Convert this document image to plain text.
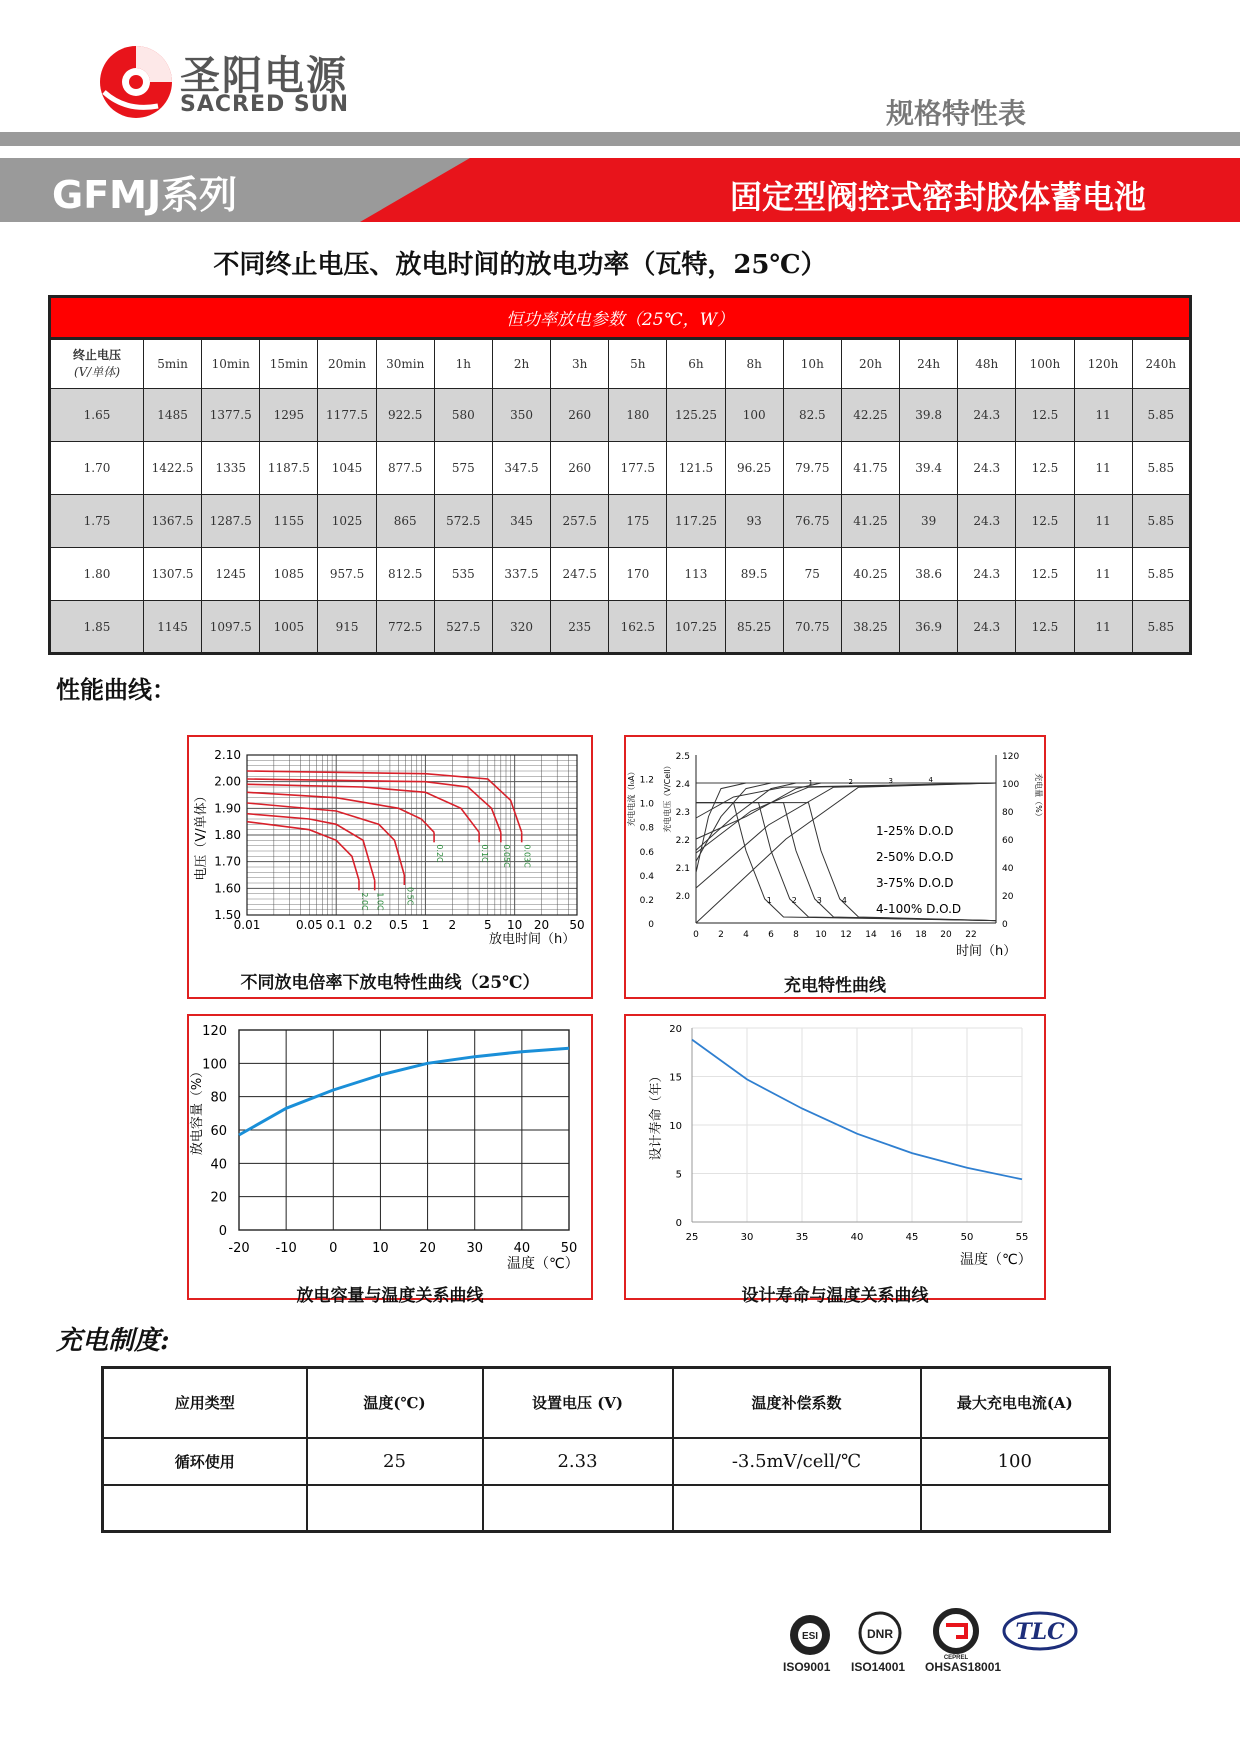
圣阳电源
SACRED SUN	规格特性表
GFMJ系列	固定型阀控式密封胶体蓄电池
不同终止电压、放电时间的放电功率（瓦特，25℃）
恒功率放电参数（25℃，W）																		

终止电压
(V/单体)	5min	10min	15min	20min	30min	1h	2h	3h	5h	6h	8h	10h	20h	24h	48h	100h	120h	240h
1.65	1485	1377.5	1295	1177.5	922.5	580	350	260	180	125.25	100	82.5	42.25	39.8	24.3	12.5	11	5.85
1.70	1422.5	1335	1187.5	1045	877.5	575	347.5	260	177.5	121.5	96.25	79.75	41.75	39.4	24.3	12.5	11	5.85
1.75	1367.5	1287.5	1155	1025	865	572.5	345	257.5	175	117.25	93	76.75	41.25	39	24.3	12.5	11	5.85
1.80	1307.5	1245	1085	957.5	812.5	535	337.5	247.5	170	113	89.5	75	40.25	38.6	24.3	12.5	11	5.85
1.85	1145	1097.5	1005	915	772.5	527.5	320	235	162.5	107.25	85.25	70.75	38.25	36.9	24.3	12.5	11	5.85
性能曲线：
1.50
1.60
1.70
1.80
1.90
2.00
2.10
0.01	0.05 0.1 0.2 0.5 1 2 5 10 20 50
放电时间（h）
电压（V/单体）
2.0C 1.0C	0.5C
0.2C	0.1C 0.05C 0.03C
不同放电倍率下放电特性曲线（25℃）
0
0.2
0.4
0.6
0.8
1.0
1.2
2.0
2.1
2.2
2.3
2.4
2.5
0
20
40
60
80
100
120
0 2 4 6 8 10 12 14 16 18 20 22
时间（h）
充电电流（I₀A）	充电电压（V/Cell）	充电量（%）
1
1
2
2
3
3
4
4
1-25% D.O.D
2-50% D.O.D
3-75% D.O.D
4-100% D.O.D
充电特性曲线
0
20
40
60
80
100
120
-20 -10 0	10 20 30 40 50
温度（℃）
放电容量（%）
放电容量与温度关系曲线
0
5
10
15
20
25	30	35	40	45	50	55
温度（℃）
设计寿命（年）
设计寿命与温度关系曲线
充电制度:
应用类型	温度(℃)	设置电压 (V)	温度补偿系数	最大充电电流(A)
循环使用	25	2.33	-3.5mV/cell/℃	100

ESI	DNR
CEPREL
TLC
ISO9001 ISO14001 OHSAS18001
